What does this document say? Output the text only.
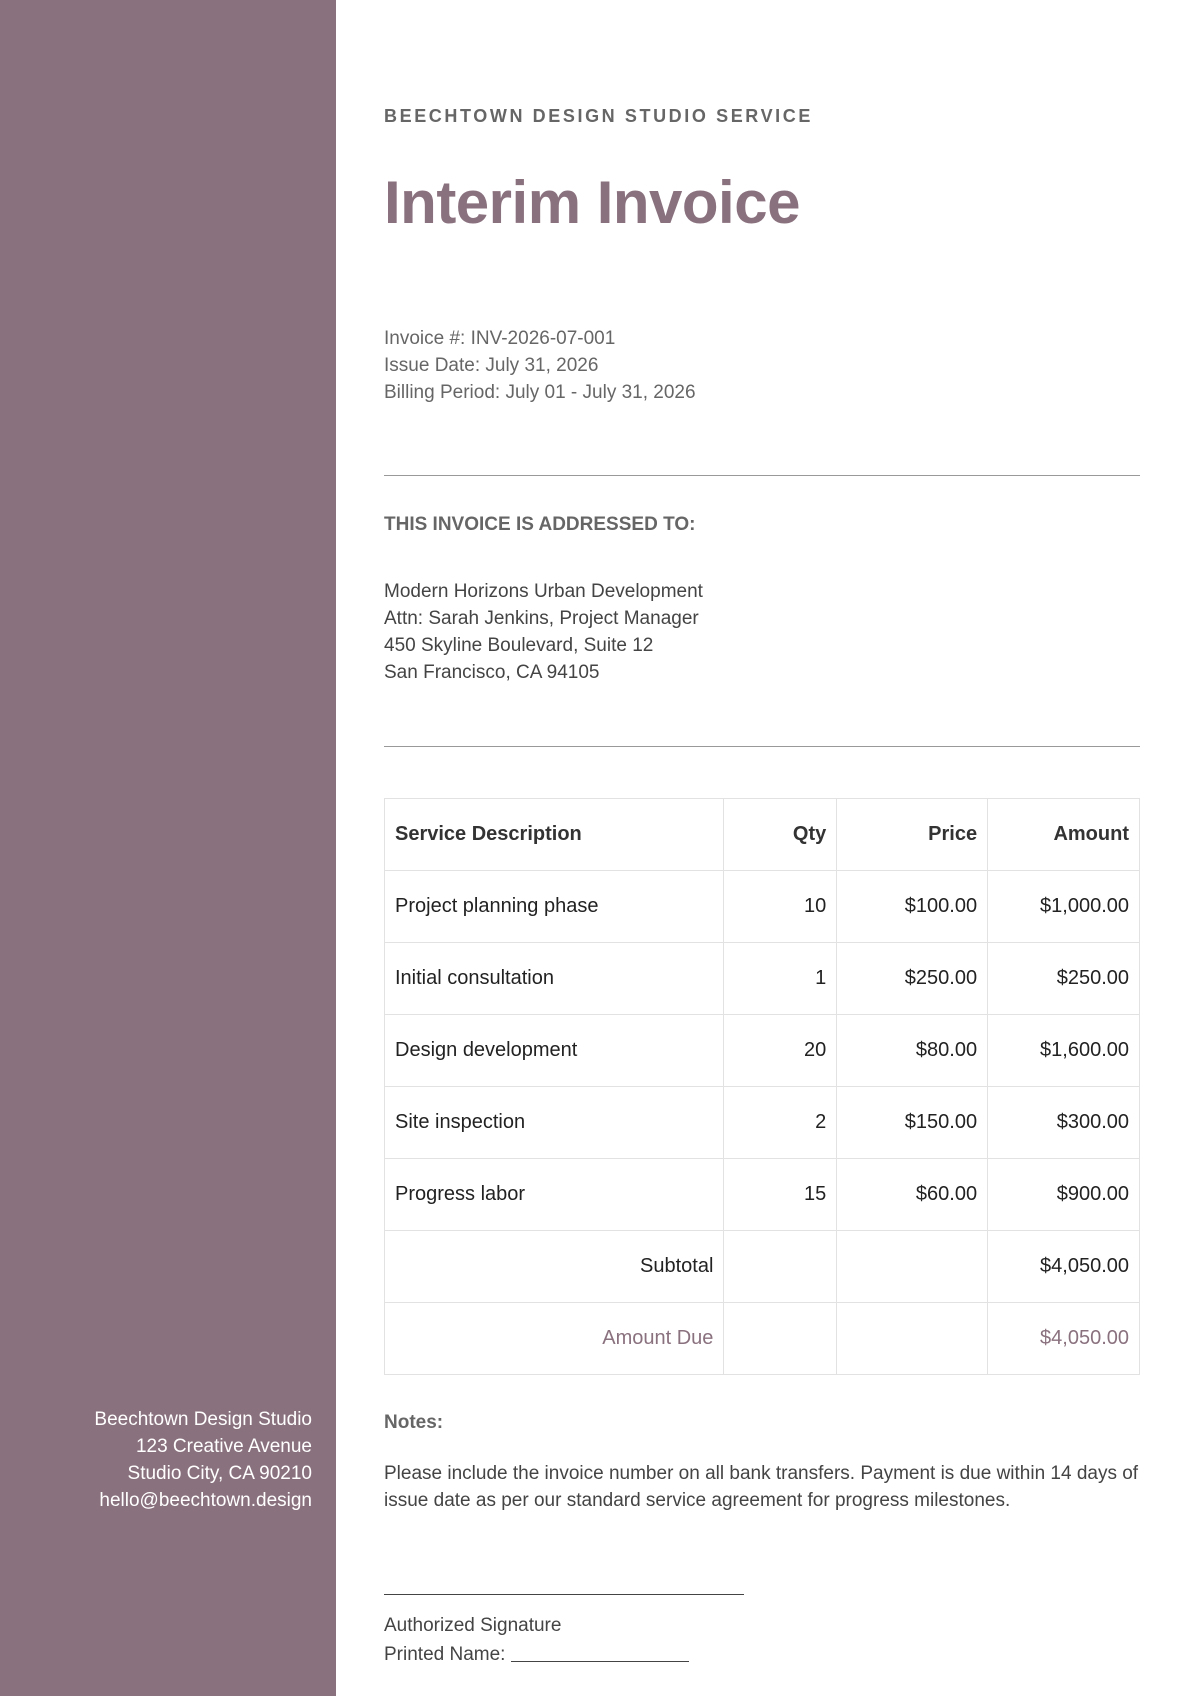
Beechtown Design Studio
123 Creative Avenue
Studio City, CA 90210
hello@beechtown.design
BEECHTOWN DESIGN STUDIO SERVICE
Interim Invoice
Invoice #: INV-2026-07-001
Issue Date: July 31, 2026
Billing Period: July 01 - July 31, 2026
THIS INVOICE IS ADDRESSED TO:
Modern Horizons Urban Development
Attn: Sarah Jenkins, Project Manager
450 Skyline Boulevard, Suite 12
San Francisco, CA 94105
Service Description	Qty	Price	Amount
Project planning phase	10	$100.00	$1,000.00
Initial consultation	1	$250.00	$250.00
Design development	20	$80.00	$1,600.00
Site inspection	2	$150.00	$300.00
Progress labor	15	$60.00	$900.00
Subtotal			$4,050.00
Amount Due			$4,050.00
Notes:
Please include the invoice number on all bank transfers. Payment is due within 14 days of issue date as per our standard service agreement for progress milestones.
Authorized Signature
Printed Name:
